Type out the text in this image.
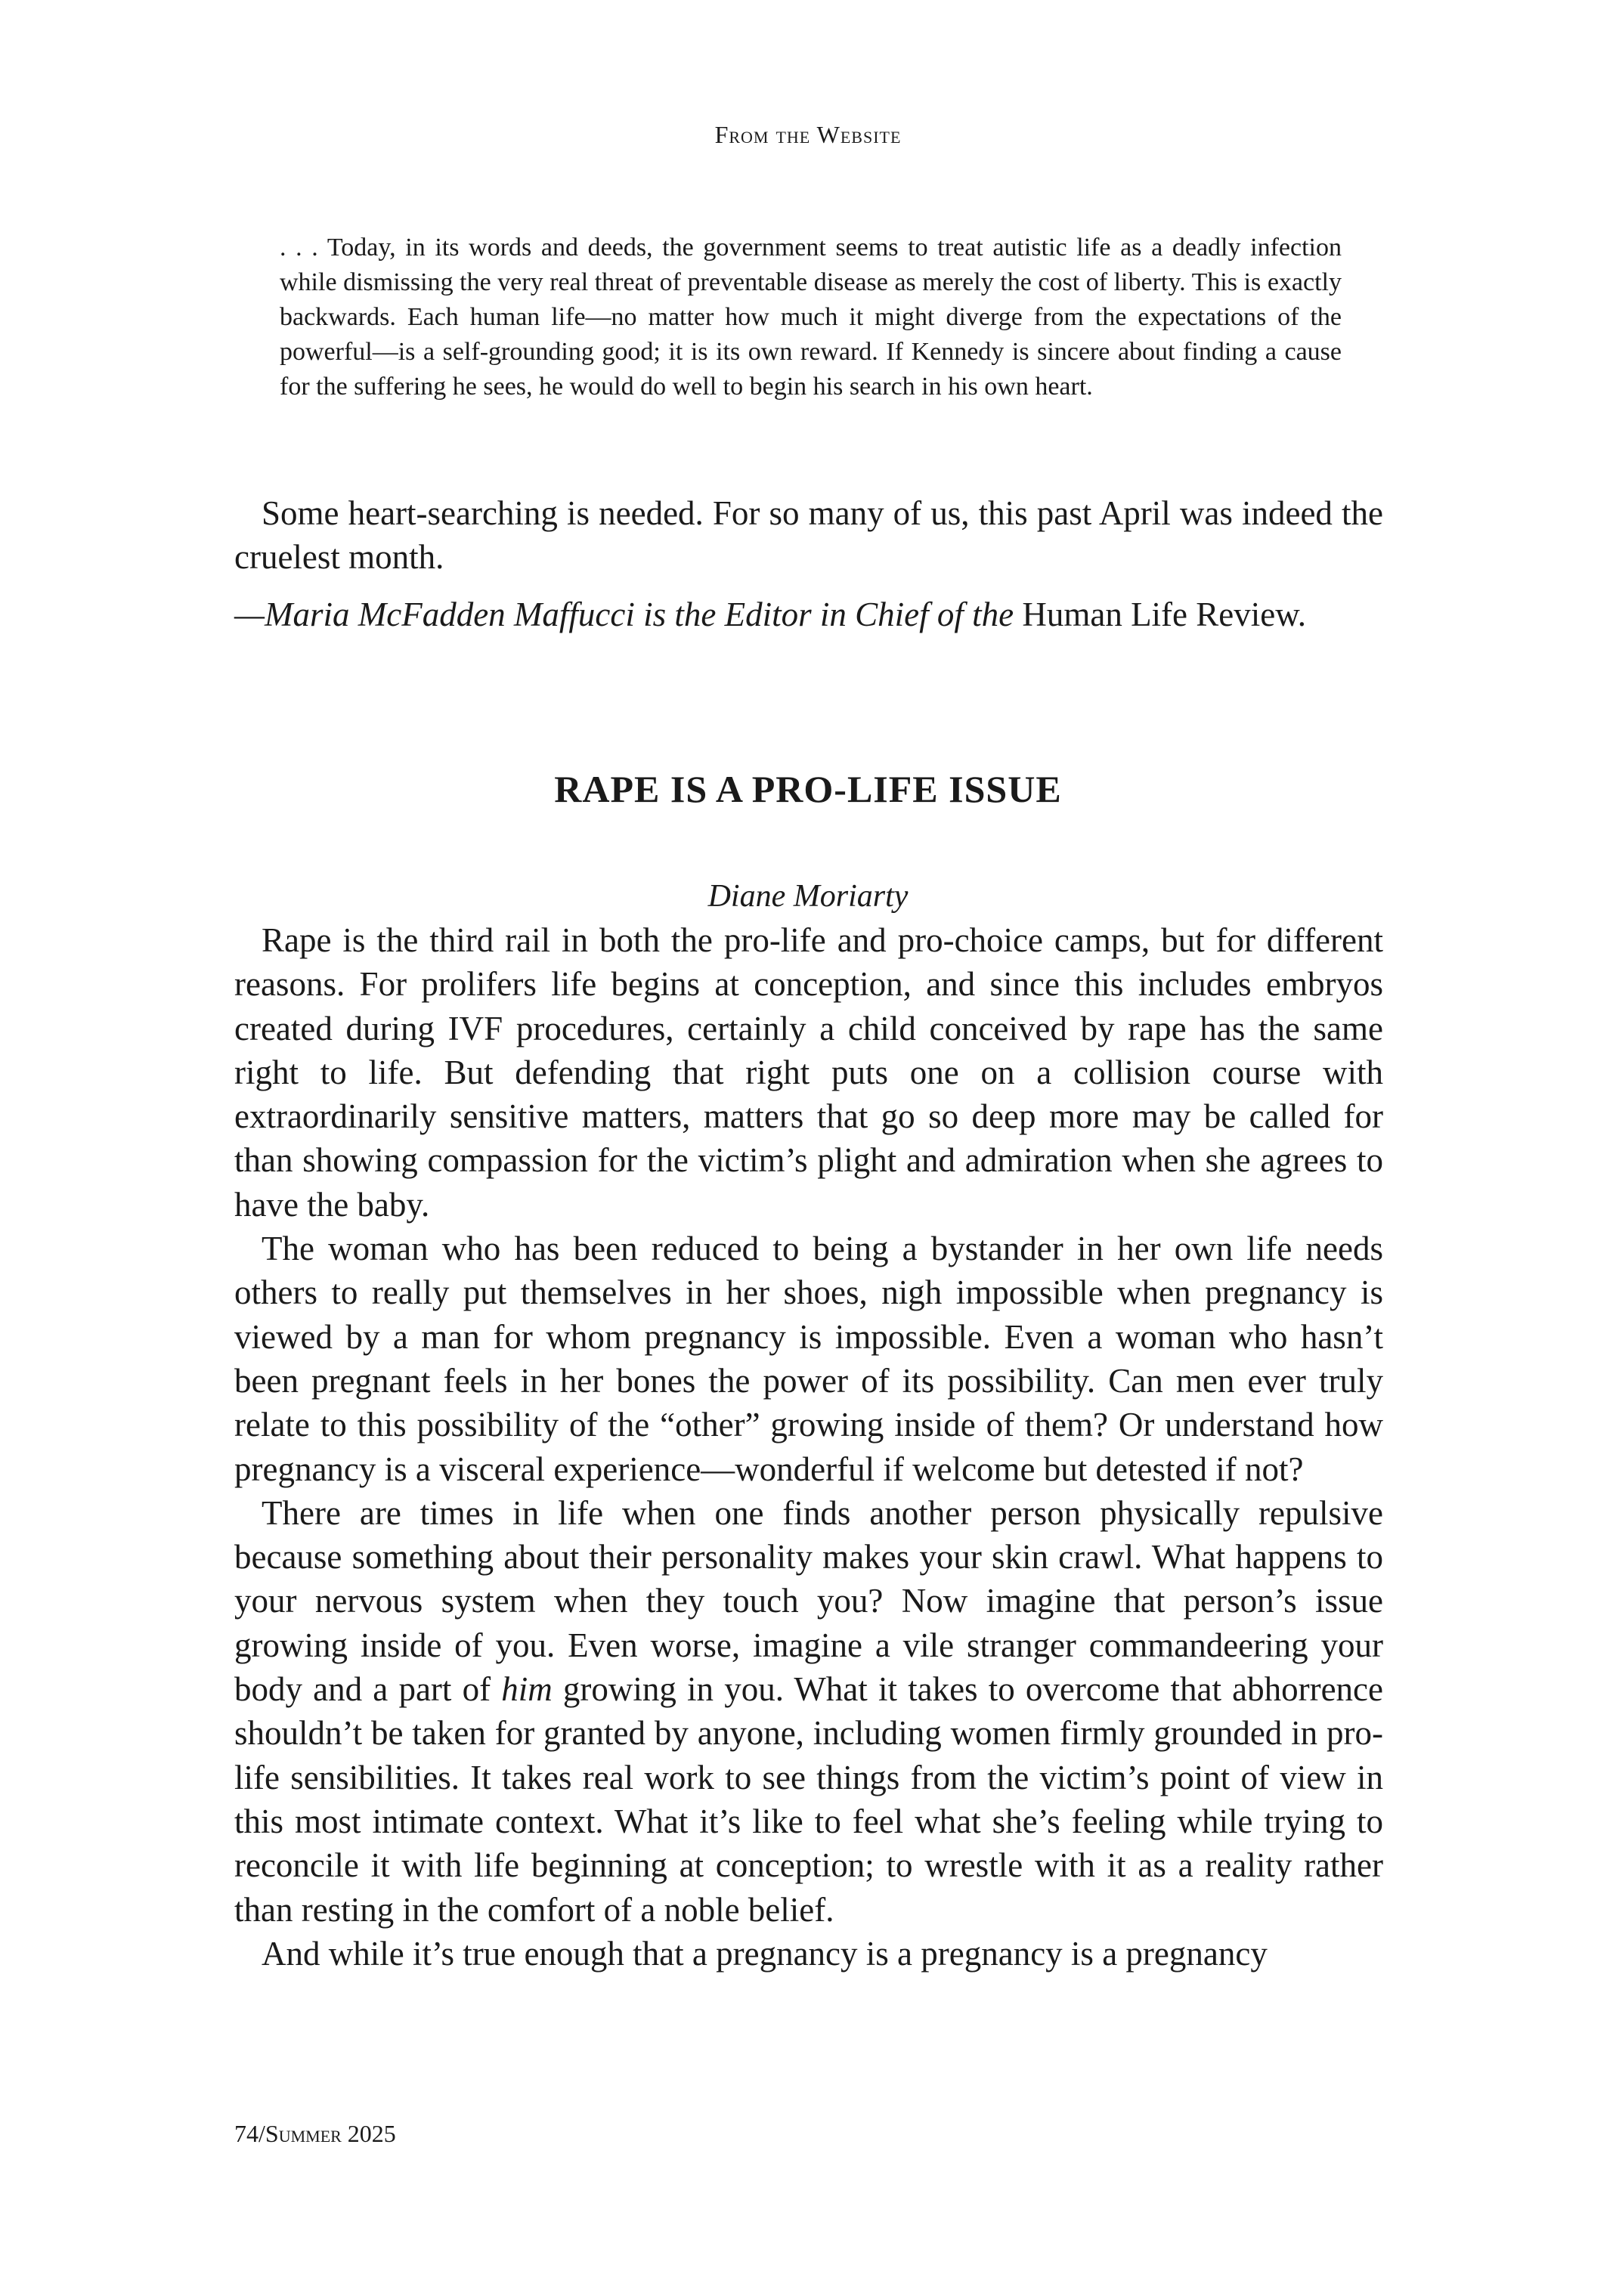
From the Website
. . . Today, in its words and deeds, the government seems to treat autistic life as a deadly infection while dismissing the very real threat of preventable disease as merely the cost of liberty. This is exactly backwards. Each human life—no matter how much it might diverge from the expectations of the powerful—is a self-grounding good; it is its own reward. If Kennedy is sincere about finding a cause for the suffering he sees, he would do well to begin his search in his own heart.

Some heart-searching is needed. For so many of us, this past April was indeed the cruelest month.

—Maria McFadden Maffucci is the Editor in Chief of the Human Life Review.

RAPE IS A PRO-LIFE ISSUE
Diane Moriarty

Rape is the third rail in both the pro-life and pro-choice camps, but for different reasons. For prolifers life begins at conception, and since this includes embryos created during IVF procedures, certainly a child conceived by rape has the same right to life. But defending that right puts one on a collision course with extraordinarily sensitive matters, matters that go so deep more may be called for than showing compassion for the victim’s plight and admiration when she agrees to have the baby.

The woman who has been reduced to being a bystander in her own life needs others to really put themselves in her shoes, nigh impossible when pregnancy is viewed by a man for whom pregnancy is impossible. Even a woman who hasn’t been pregnant feels in her bones the power of its possibility. Can men ever truly relate to this possibility of the “other” growing inside of them? Or understand how pregnancy is a visceral experience—wonderful if welcome but detested if not?

There are times in life when one finds another person physically repulsive because something about their personality makes your skin crawl. What happens to your nervous system when they touch you? Now imagine that person’s issue growing inside of you. Even worse, imagine a vile stranger commandeering your body and a part of him growing in you. What it takes to overcome that abhorrence shouldn’t be taken for granted by anyone, including women firmly grounded in pro-life sensibilities. It takes real work to see things from the victim’s point of view in this most intimate context. What it’s like to feel what she’s feeling while trying to reconcile it with life beginning at conception; to wrestle with it as a reality rather than resting in the comfort of a noble belief.

And while it’s true enough that a pregnancy is a pregnancy is a pregnancy

74/Summer 2025
